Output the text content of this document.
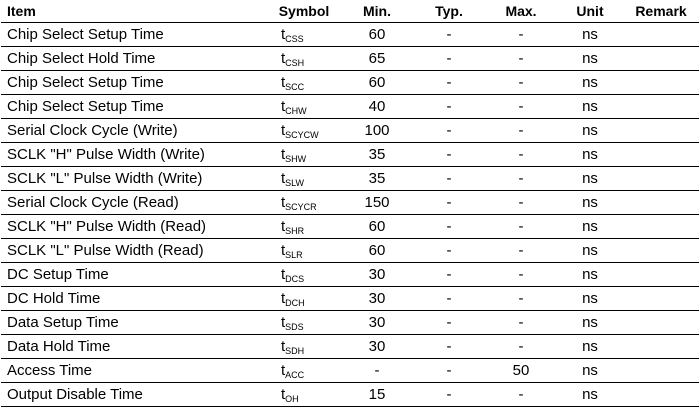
Item	Symbol	Min.	Typ.	Max.	Unit	Remark
Chip Select Setup Time	$t_{CSS}$	60	-	-	ns	
Chip Select Hold Time	$t_{CSH}$	65	-	-	ns	
Chip Select Setup Time	$t_{SCC}$	60	-	-	ns	
Chip Select Setup Time	$t_{CHW}$	40	-	-	ns	
Serial Clock Cycle (Write)	$t_{SCYCW}$	100	-	-	ns	
SCLK "H" Pulse Width (Write)	$t_{SHW}$	35	-	-	ns	
SCLK "L" Pulse Width (Write)	$t_{SLW}$	35	-	-	ns	
Serial Clock Cycle (Read)	$t_{SCYCR}$	150	-	-	ns	
SCLK "H" Pulse Width (Read)	$t_{SHR}$	60	-	-	ns	
SCLK "L" Pulse Width (Read)	$t_{SLR}$	60	-	-	ns	
DC Setup Time	$t_{DCS}$	30	-	-	ns	
DC Hold Time	$t_{DCH}$	30	-	-	ns	
Data Setup Time	$t_{SDS}$	30	-	-	ns	
Data Hold Time	$t_{SDH}$	30	-	-	ns	
Access Time	$t_{ACC}$	-	-	50	ns	
Output Disable Time	$t_{OH}$	15	-	-	ns	
